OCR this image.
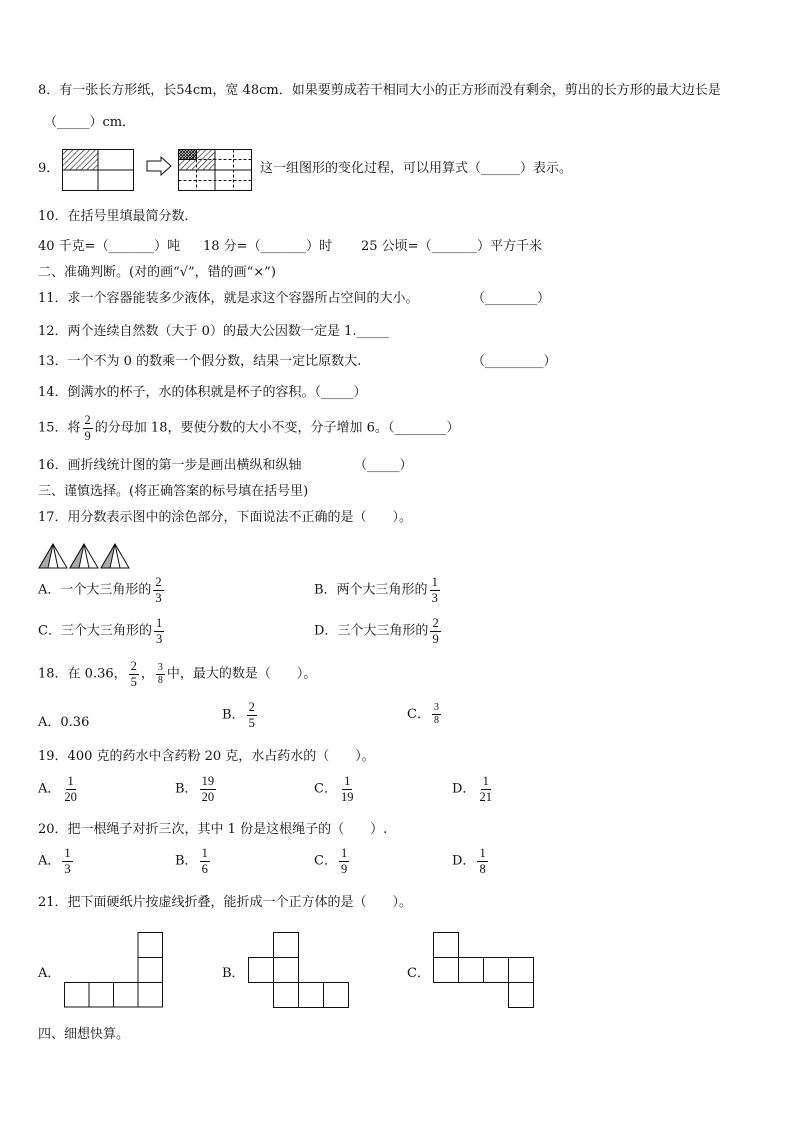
8．有一张长方形纸，长54cm，宽 48cm．如果要剪成若干相同大小的正方形而没有剩余，剪出的长方形的最大边长是
（_____）cm．
9．	这一组图形的变化过程，可以用算式（______）表示。
10．在括号里填最简分数．
40 千克=（_______）吨 18 分=（_______）时 25 公顷=（_______）平方千米
二、准确判断。(对的画“√”，错的画“×”)
11．求一个容器能装多少液体，就是求这个容器所占空间的大小。	（________）
12．两个连续自然数（大于 0）的最大公因数一定是 1._____
13．一个不为 0 的数乘一个假分数，结果一定比原数大.	（_________）
14．倒满水的杯子，水的体积就是杯子的容积。（_____）
15．将 $\frac{2}{9}$ 的分母加 18，要使分数的大小不变，分子增加 6。（________）
16．画折线统计图的第一步是画出横纵和纵轴	（_____）
三、谨慎选择。(将正确答案的标号填在括号里)
17．用分数表示图中的涂色部分，下面说法不正确的是（　　）。
A．一个大三角形的 $\frac{2}{3}$	B．两个大三角形的 $\frac{1}{3}$
C．三个大三角形的 $\frac{1}{3}$	D．三个大三角形的 $\frac{2}{9}$
18．在 0.36， $\frac{2}{5}$ ， $\frac{3}{8}$ 中，最大的数是（　　）。
A．0.36	B． $\frac{2}{5}$	C． $\frac{3}{8}$
19．400 克的药水中含药粉 20 克，水占药水的（　　）。
A． $\frac{1}{20}$	B． $\frac{19}{20}$	C． $\frac{1}{19}$	D． $\frac{1}{21}$
20．把一根绳子对折三次，其中 1 份是这根绳子的（　　）.
A． $\frac{1}{3}$	B． $\frac{1}{6}$	C． $\frac{1}{9}$	D． $\frac{1}{8}$
21．把下面硬纸片按虚线折叠，能折成一个正方体的是（　　）。
A．	B．	C．
四、细想快算。
